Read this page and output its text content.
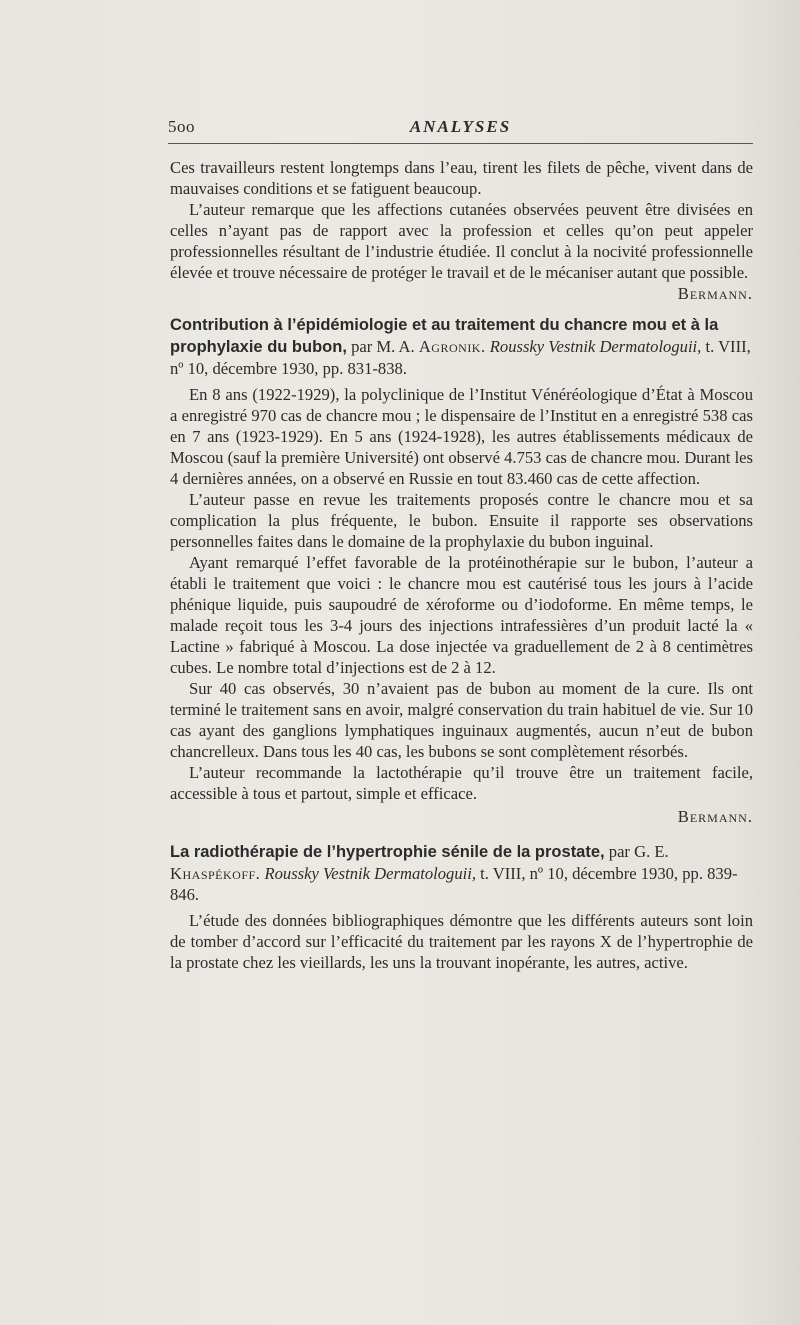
5oo	ANALYSES

Ces travailleurs restent longtemps dans l’eau, tirent les filets de pêche, vivent dans de mauvaises conditions et se fatiguent beaucoup.

L’auteur remarque que les affections cutanées observées peuvent être divisées en celles n’ayant pas de rapport avec la profession et celles qu’on peut appeler professionnelles résultant de l’industrie étudiée. Il conclut à la nocivité professionnelle élevée et trouve nécessaire de protéger le travail et de le mécaniser autant que possible.

Bermann.

Contribution à l’épidémiologie et au traitement du chancre mou et à la prophylaxie du bubon, par M. A. Agronik. Roussky Vestnik Dermatologuii, t. VIII, nº 10, décembre 1930, pp. 831-838.

En 8 ans (1922-1929), la polyclinique de l’Institut Vénéréologique d’État à Moscou a enregistré 970 cas de chancre mou ; le dispensaire de l’Institut en a enregistré 538 cas en 7 ans (1923-1929). En 5 ans (1924-1928), les autres établissements médicaux de Moscou (sauf la première Université) ont observé 4.753 cas de chancre mou. Durant les 4 dernières années, on a observé en Russie en tout 83.460 cas de cette affection.

L’auteur passe en revue les traitements proposés contre le chancre mou et sa complication la plus fréquente, le bubon. Ensuite il rapporte ses observations personnelles faites dans le domaine de la prophylaxie du bubon inguinal.

Ayant remarqué l’effet favorable de la protéinothérapie sur le bubon, l’auteur a établi le traitement que voici : le chancre mou est cautérisé tous les jours à l’acide phénique liquide, puis saupoudré de xéroforme ou d’iodoforme. En même temps, le malade reçoit tous les 3-4 jours des injections intrafessières d’un produit lacté la « Lactine » fabriqué à Moscou. La dose injectée va graduellement de 2 à 8 centimètres cubes. Le nombre total d’injections est de 2 à 12.

Sur 40 cas observés, 30 n’avaient pas de bubon au moment de la cure. Ils ont terminé le traitement sans en avoir, malgré conservation du train habituel de vie. Sur 10 cas ayant des ganglions lymphatiques inguinaux augmentés, aucun n’eut de bubon chancrelleux. Dans tous les 40 cas, les bubons se sont complètement résorbés.

L’auteur recommande la lactothérapie qu’il trouve être un traitement facile, accessible à tous et partout, simple et efficace.

Bermann.

La radiothérapie de l’hypertrophie sénile de la prostate, par G. E. Khaspékoff. Roussky Vestnik Dermatologuii, t. VIII, nº 10, décembre 1930, pp. 839-846.

L’étude des données bibliographiques démontre que les différents auteurs sont loin de tomber d’accord sur l’efficacité du traitement par les rayons X de l’hypertrophie de la prostate chez les vieillards, les uns la trouvant inopérante, les autres, active.
